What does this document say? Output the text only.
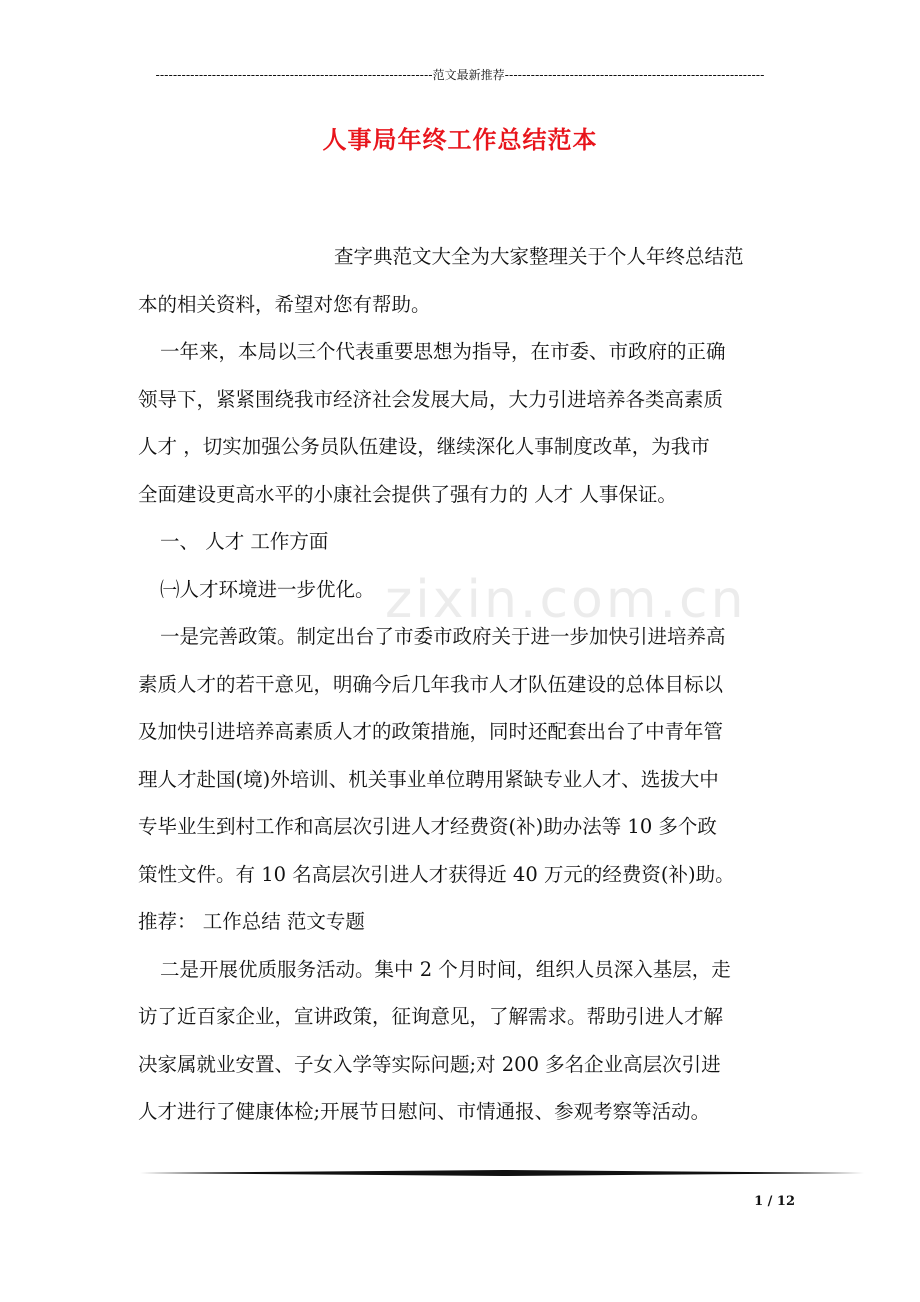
----------------------------------------------------------------范文最新推荐------------------------------------------------------------
人事局年终工作总结范本
zixin.com.cn
查字典范文大全为大家整理关于个人年终总结范
本的相关资料，希望对您有帮助。
一年来，本局以三个代表重要思想为指导，在市委、市政府的正确
领导下，紧紧围绕我市经济社会发展大局，大力引进培养各类高素质
人才 ，切实加强公务员队伍建设，继续深化人事制度改革，为我市
全面建设更高水平的小康社会提供了强有力的 人才 人事保证。
一、 人才 工作方面
㈠人才环境进一步优化。
一是完善政策。制定出台了市委市政府关于进一步加快引进培养高
素质人才的若干意见，明确今后几年我市人才队伍建设的总体目标以
及加快引进培养高素质人才的政策措施，同时还配套出台了中青年管
理人才赴国(境)外培训、机关事业单位聘用紧缺专业人才、选拔大中
专毕业生到村工作和高层次引进人才经费资(补)助办法等 10 多个政
策性文件。有 10 名高层次引进人才获得近 40 万元的经费资(补)助。
推荐： 工作总结 范文专题
二是开展优质服务活动。集中 2 个月时间，组织人员深入基层，走
访了近百家企业，宣讲政策，征询意见，了解需求。帮助引进人才解
决家属就业安置、子女入学等实际问题;对 200 多名企业高层次引进
人才进行了健康体检;开展节日慰问、市情通报、参观考察等活动。
1 / 12
